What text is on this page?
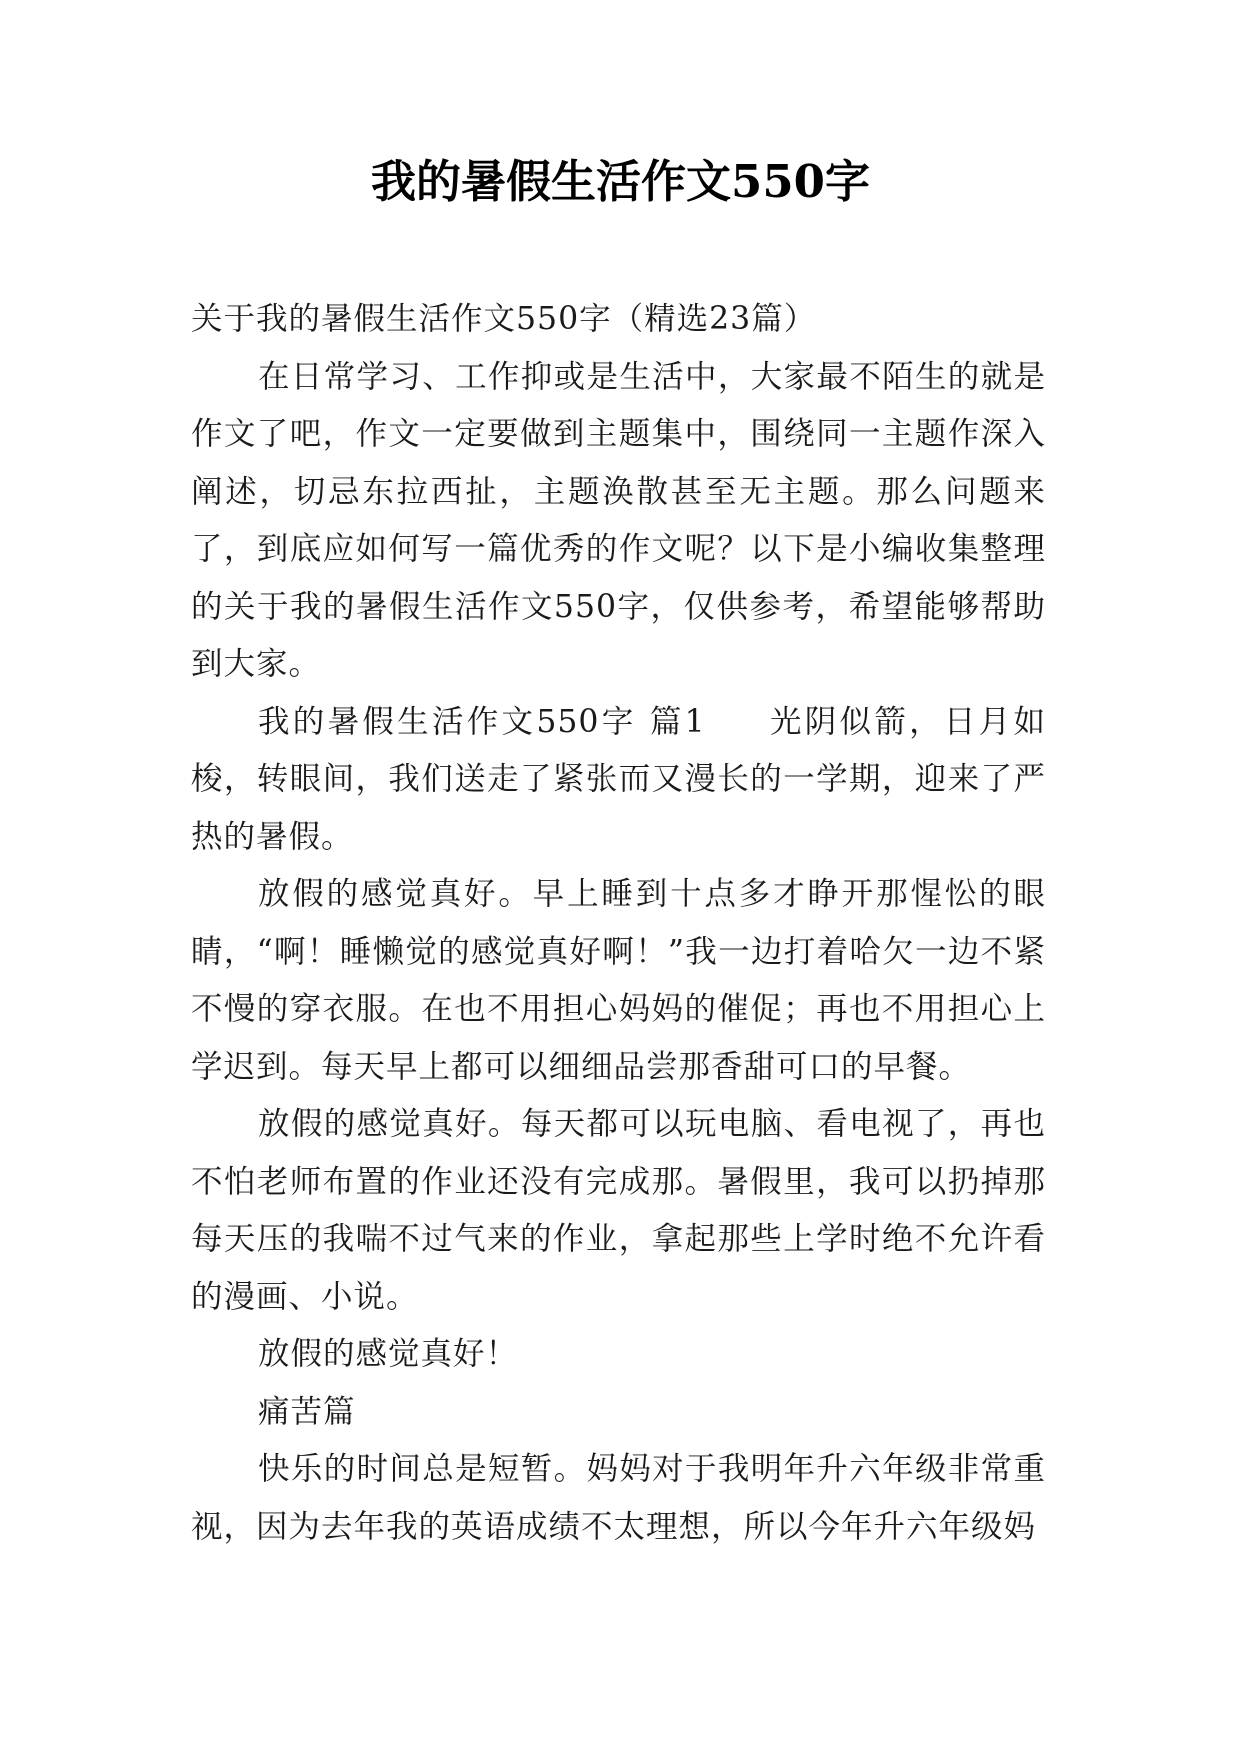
我的暑假生活作文550字

关于我的暑假生活作文550字（精选23篇）

在日常学习、工作抑或是生活中，大家最不陌生的就是作文了吧，作文一定要做到主题集中，围绕同一主题作深入阐述，切忌东拉西扯，主题涣散甚至无主题。那么问题来了，到底应如何写一篇优秀的作文呢？以下是小编收集整理的关于我的暑假生活作文550字，仅供参考，希望能够帮助到大家。

我的暑假生活作文550字 篇1 光阴似箭，日月如梭，转眼间，我们送走了紧张而又漫长的一学期，迎来了严热的暑假。

放假的感觉真好。早上睡到十点多才睁开那惺忪的眼睛，“啊！睡懒觉的感觉真好啊！”我一边打着哈欠一边不紧不慢的穿衣服。在也不用担心妈妈的催促；再也不用担心上学迟到。每天早上都可以细细品尝那香甜可口的早餐。

放假的感觉真好。每天都可以玩电脑、看电视了，再也不怕老师布置的作业还没有完成那。暑假里，我可以扔掉那每天压的我喘不过气来的作业，拿起那些上学时绝不允许看的漫画、小说。

放假的感觉真好！

痛苦篇

快乐的时间总是短暂。妈妈对于我明年升六年级非常重视，因为去年我的英语成绩不太理想，所以今年升六年级妈
